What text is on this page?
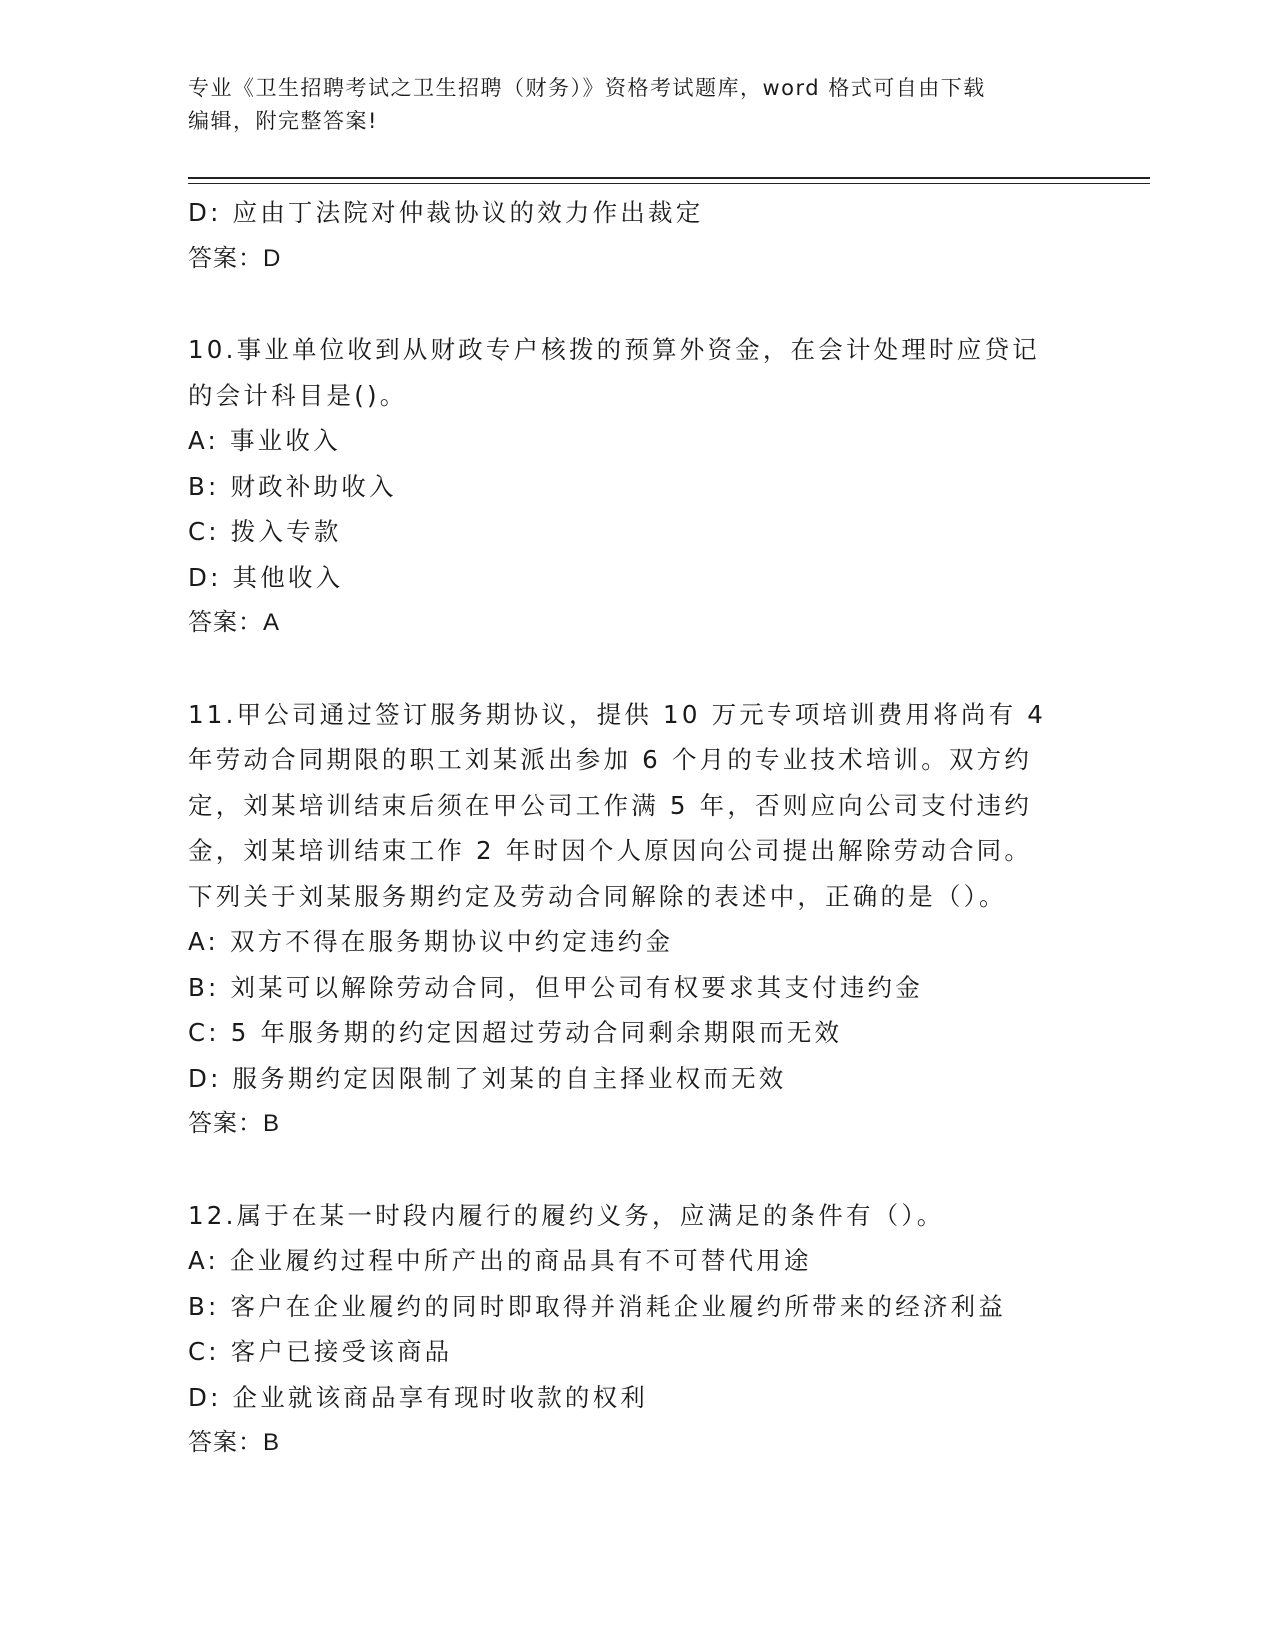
专业《卫生招聘考试之卫生招聘（财务）》资格考试题库，word 格式可自由下载
编辑，附完整答案!
D: 应由丁法院对仲裁协议的效力作出裁定
答案：D
10.事业单位收到从财政专户核拨的预算外资金，在会计处理时应贷记
的会计科目是()。
A: 事业收入
B: 财政补助收入
C: 拨入专款
D: 其他收入
答案：A
11.甲公司通过签订服务期协议，提供 10 万元专项培训费用将尚有 4
年劳动合同期限的职工刘某派出参加 6 个月的专业技术培训。双方约
定，刘某培训结束后须在甲公司工作满 5 年，否则应向公司支付违约
金，刘某培训结束工作 2 年时因个人原因向公司提出解除劳动合同。
下列关于刘某服务期约定及劳动合同解除的表述中，正确的是（）。
A: 双方不得在服务期协议中约定违约金
B: 刘某可以解除劳动合同，但甲公司有权要求其支付违约金
C: 5 年服务期的约定因超过劳动合同剩余期限而无效
D: 服务期约定因限制了刘某的自主择业权而无效
答案：B
12.属于在某一时段内履行的履约义务，应满足的条件有（）。
A: 企业履约过程中所产出的商品具有不可替代用途
B: 客户在企业履约的同时即取得并消耗企业履约所带来的经济利益
C: 客户已接受该商品
D: 企业就该商品享有现时收款的权利
答案：B
